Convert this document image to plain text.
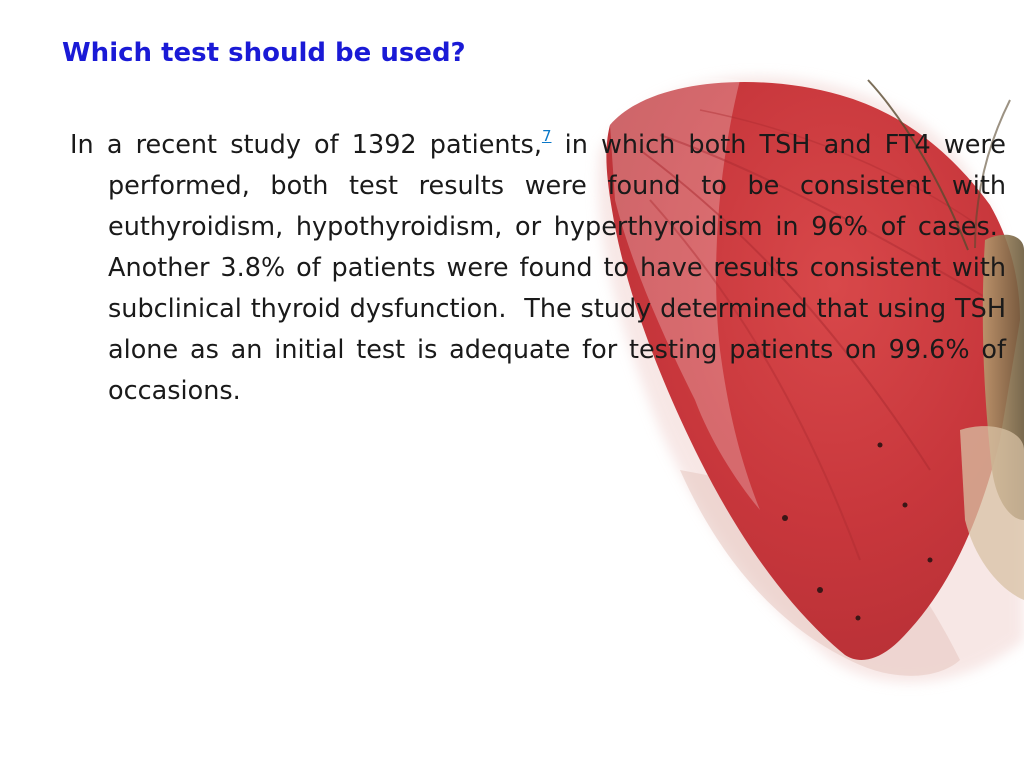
Which test should be used?

In a recent study of 1392 patients,$^7$ in which both TSH and FT4 were performed, both test results were found to be consistent with euthyroidism, hypothyroidism, or hyperthyroidism in 96% of cases.  Another 3.8% of patients were found to have results consistent with subclinical thyroid dysfunction.  The study determined that using TSH alone as an initial test is adequate for testing patients on 99.6% of occasions.
